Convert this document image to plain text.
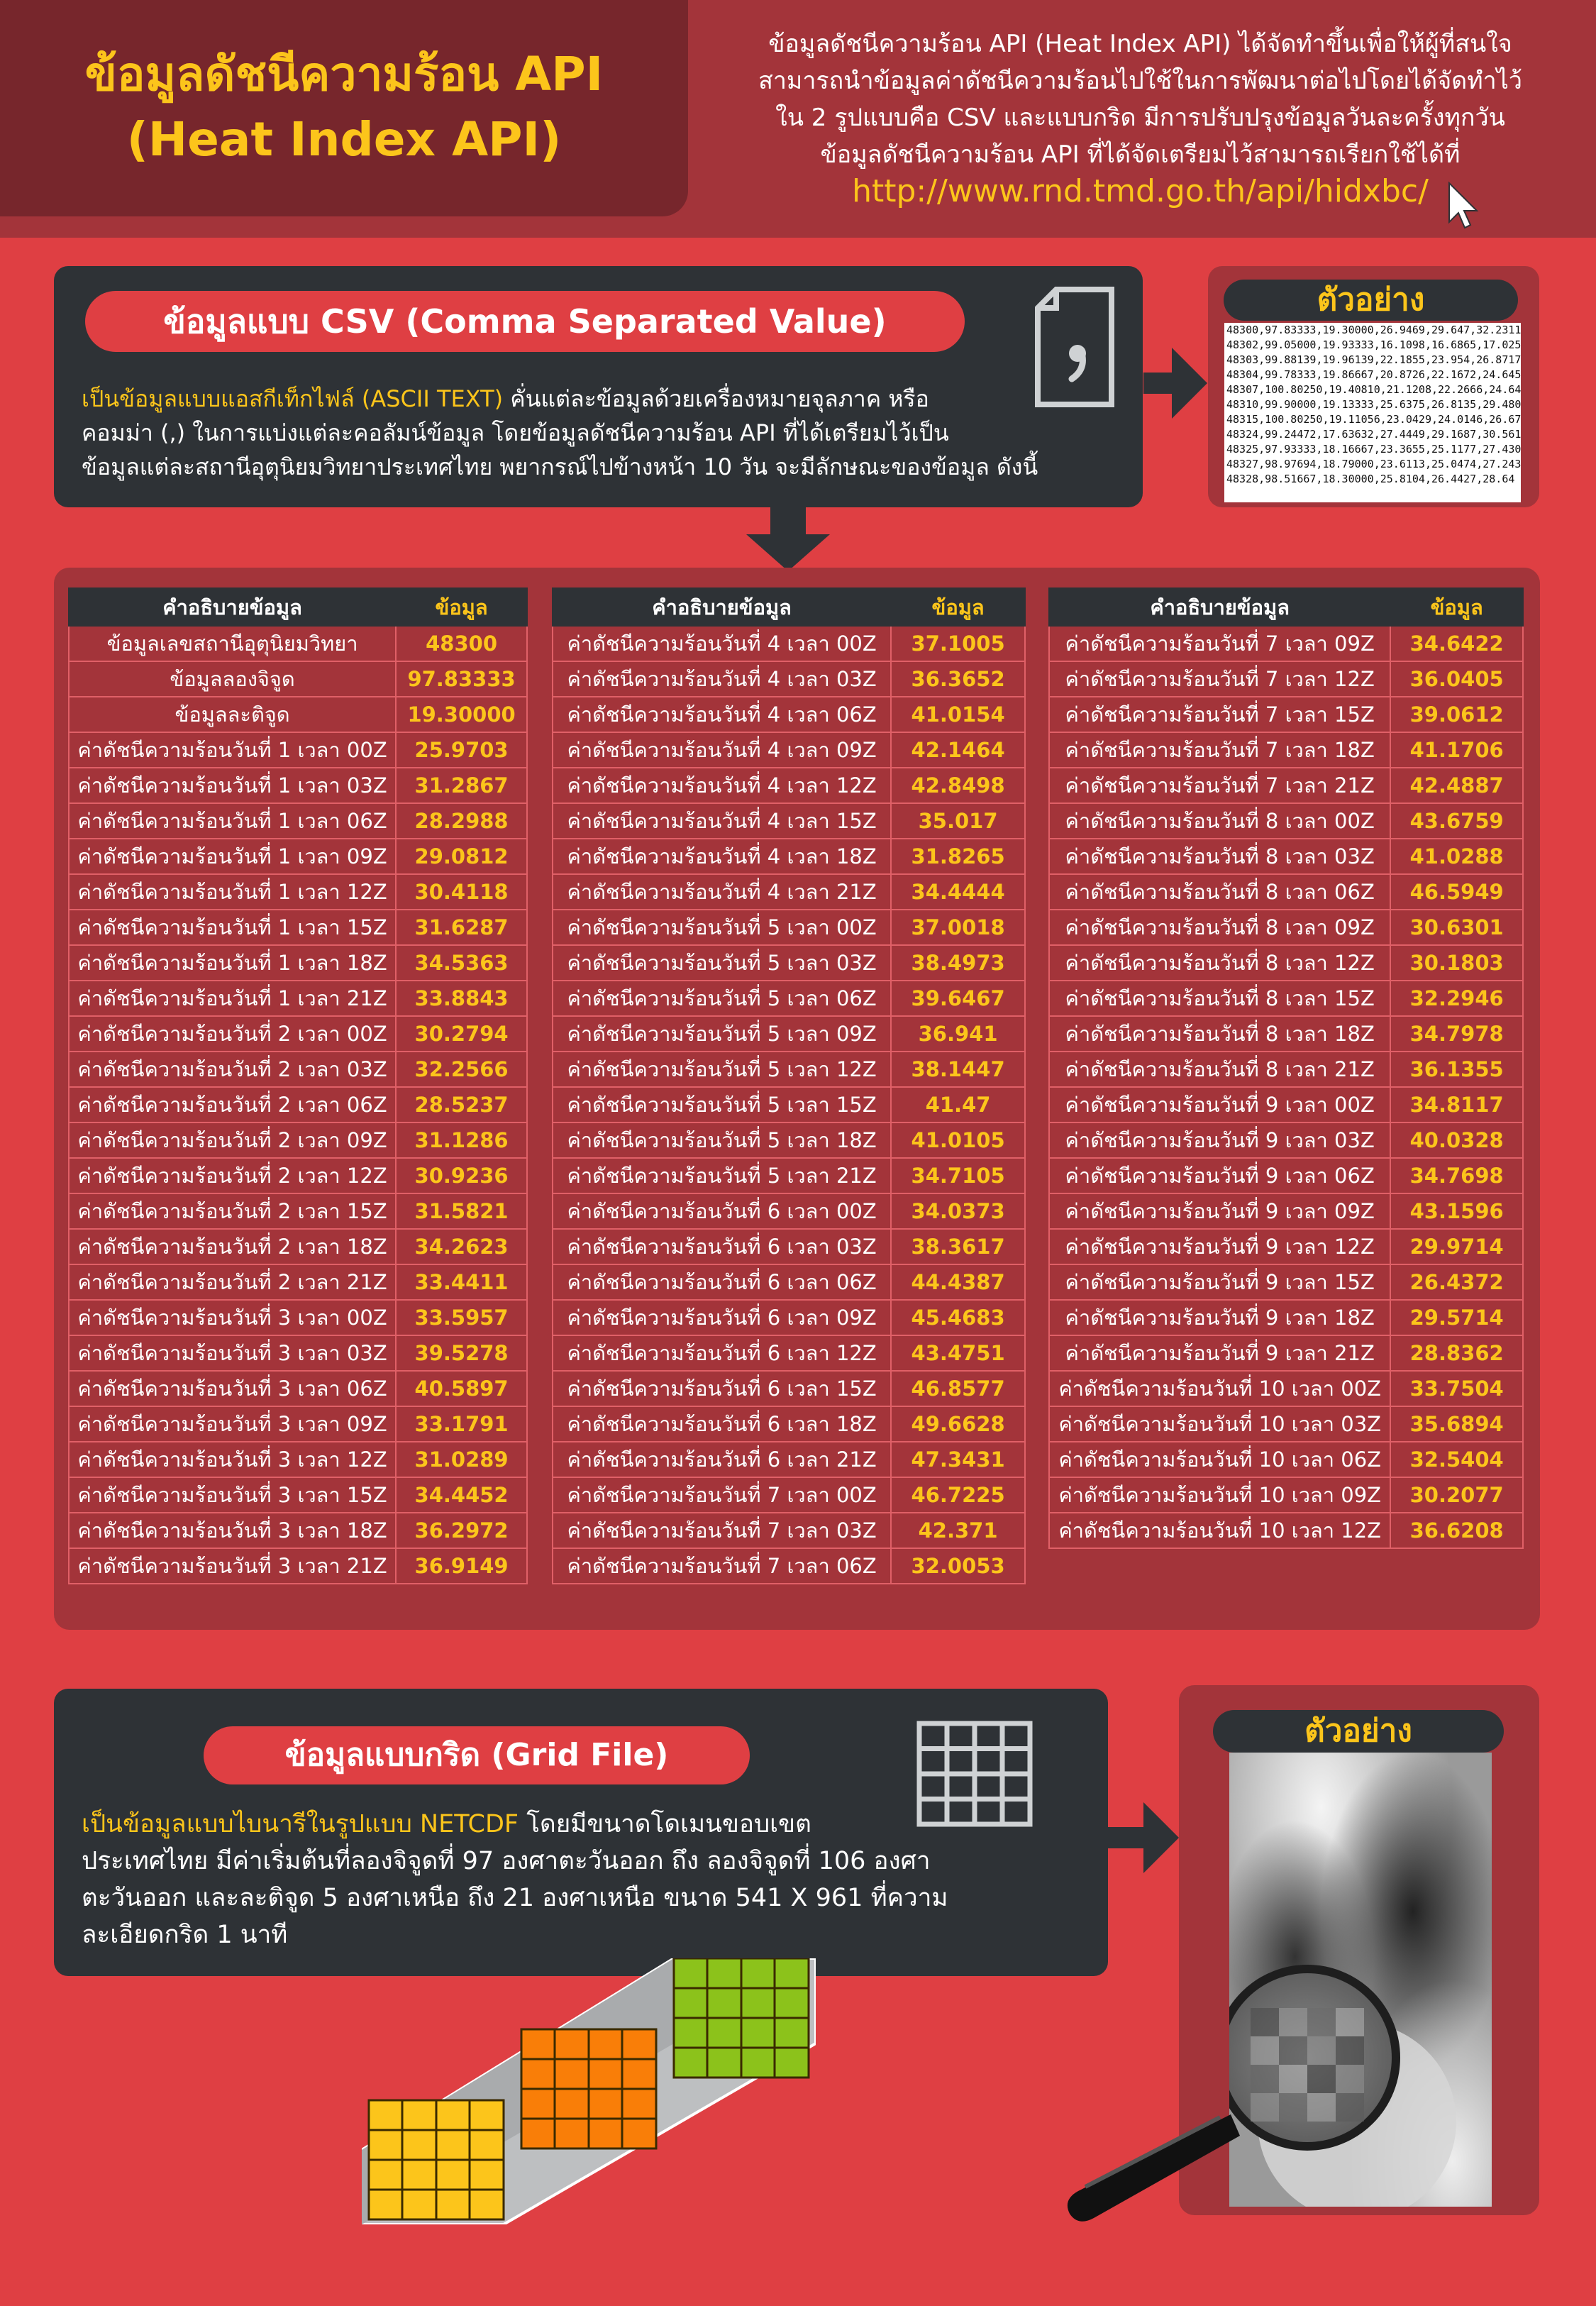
ข้อมูลดัชนีความร้อน API
(Heat Index API)
ข้อมูลดัชนีความร้อน API (Heat Index API) ได้จัดทำขึ้นเพื่อให้ผู้ที่สนใจ
สามารถนำข้อมูลค่าดัชนีความร้อนไปใช้ในการพัฒนาต่อไปโดยได้จัดทำไว้
ใน 2 รูปแบบคือ CSV และแบบกริด มีการปรับปรุงข้อมูลวันละครั้งทุกวัน
ข้อมูลดัชนีความร้อน API ที่ได้จัดเตรียมไว้สามารถเรียกใช้ได้ที่
http://www.rnd.tmd.go.th/api/hidxbc/
ข้อมูลแบบ CSV (Comma Separated Value)
เป็นข้อมูลแบบแอสกีเท็กไฟล์ (ASCII TEXT) คั่นแต่ละข้อมูลด้วยเครื่องหมายจุลภาค หรือ
คอมม่า (,) ในการแบ่งแต่ละคอลัมน์ข้อมูล โดยข้อมูลดัชนีความร้อน API ที่ได้เตรียมไว้เป็น
ข้อมูลแต่ละสถานีอุตุนิยมวิทยาประเทศไทย พยากรณ์ไปข้างหน้า 10 วัน จะมีลักษณะของข้อมูล ดังนี้
ตัวอย่าง
48300,97.83333,19.30000,26.9469,29.647,32.2311
48302,99.05000,19.93333,16.1098,16.6865,17.025
48303,99.88139,19.96139,22.1855,23.954,26.8717
48304,99.78333,19.86667,20.8726,22.1672,24.645
48307,100.80250,19.40810,21.1208,22.2666,24.64
48310,99.90000,19.13333,25.6375,26.8135,29.480
48315,100.80250,19.11056,23.0429,24.0146,26.67
48324,99.24472,17.63632,27.4449,29.1687,30.561
48325,97.93333,18.16667,23.3655,25.1177,27.430
48327,98.97694,18.79000,23.6113,25.0474,27.243
48328,98.51667,18.30000,25.8104,26.4427,28.64
คำอธิบายข้อมูล	ข้อมูล
ข้อมูลเลขสถานีอุตุนิยมวิทยา	48300
ข้อมูลลองจิจูด	97.83333
ข้อมูลละติจูด	19.30000
ค่าดัชนีความร้อนวันที่ 1 เวลา 00Z	25.9703
ค่าดัชนีความร้อนวันที่ 1 เวลา 03Z	31.2867
ค่าดัชนีความร้อนวันที่ 1 เวลา 06Z	28.2988
ค่าดัชนีความร้อนวันที่ 1 เวลา 09Z	29.0812
ค่าดัชนีความร้อนวันที่ 1 เวลา 12Z	30.4118
ค่าดัชนีความร้อนวันที่ 1 เวลา 15Z	31.6287
ค่าดัชนีความร้อนวันที่ 1 เวลา 18Z	34.5363
ค่าดัชนีความร้อนวันที่ 1 เวลา 21Z	33.8843
ค่าดัชนีความร้อนวันที่ 2 เวลา 00Z	30.2794
ค่าดัชนีความร้อนวันที่ 2 เวลา 03Z	32.2566
ค่าดัชนีความร้อนวันที่ 2 เวลา 06Z	28.5237
ค่าดัชนีความร้อนวันที่ 2 เวลา 09Z	31.1286
ค่าดัชนีความร้อนวันที่ 2 เวลา 12Z	30.9236
ค่าดัชนีความร้อนวันที่ 2 เวลา 15Z	31.5821
ค่าดัชนีความร้อนวันที่ 2 เวลา 18Z	34.2623
ค่าดัชนีความร้อนวันที่ 2 เวลา 21Z	33.4411
ค่าดัชนีความร้อนวันที่ 3 เวลา 00Z	33.5957
ค่าดัชนีความร้อนวันที่ 3 เวลา 03Z	39.5278
ค่าดัชนีความร้อนวันที่ 3 เวลา 06Z	40.5897
ค่าดัชนีความร้อนวันที่ 3 เวลา 09Z	33.1791
ค่าดัชนีความร้อนวันที่ 3 เวลา 12Z	31.0289
ค่าดัชนีความร้อนวันที่ 3 เวลา 15Z	34.4452
ค่าดัชนีความร้อนวันที่ 3 เวลา 18Z	36.2972
ค่าดัชนีความร้อนวันที่ 3 เวลา 21Z	36.9149
คำอธิบายข้อมูล	ข้อมูล
ค่าดัชนีความร้อนวันที่ 4 เวลา 00Z	37.1005
ค่าดัชนีความร้อนวันที่ 4 เวลา 03Z	36.3652
ค่าดัชนีความร้อนวันที่ 4 เวลา 06Z	41.0154
ค่าดัชนีความร้อนวันที่ 4 เวลา 09Z	42.1464
ค่าดัชนีความร้อนวันที่ 4 เวลา 12Z	42.8498
ค่าดัชนีความร้อนวันที่ 4 เวลา 15Z	35.017
ค่าดัชนีความร้อนวันที่ 4 เวลา 18Z	31.8265
ค่าดัชนีความร้อนวันที่ 4 เวลา 21Z	34.4444
ค่าดัชนีความร้อนวันที่ 5 เวลา 00Z	37.0018
ค่าดัชนีความร้อนวันที่ 5 เวลา 03Z	38.4973
ค่าดัชนีความร้อนวันที่ 5 เวลา 06Z	39.6467
ค่าดัชนีความร้อนวันที่ 5 เวลา 09Z	36.941
ค่าดัชนีความร้อนวันที่ 5 เวลา 12Z	38.1447
ค่าดัชนีความร้อนวันที่ 5 เวลา 15Z	41.47
ค่าดัชนีความร้อนวันที่ 5 เวลา 18Z	41.0105
ค่าดัชนีความร้อนวันที่ 5 เวลา 21Z	34.7105
ค่าดัชนีความร้อนวันที่ 6 เวลา 00Z	34.0373
ค่าดัชนีความร้อนวันที่ 6 เวลา 03Z	38.3617
ค่าดัชนีความร้อนวันที่ 6 เวลา 06Z	44.4387
ค่าดัชนีความร้อนวันที่ 6 เวลา 09Z	45.4683
ค่าดัชนีความร้อนวันที่ 6 เวลา 12Z	43.4751
ค่าดัชนีความร้อนวันที่ 6 เวลา 15Z	46.8577
ค่าดัชนีความร้อนวันที่ 6 เวลา 18Z	49.6628
ค่าดัชนีความร้อนวันที่ 6 เวลา 21Z	47.3431
ค่าดัชนีความร้อนวันที่ 7 เวลา 00Z	46.7225
ค่าดัชนีความร้อนวันที่ 7 เวลา 03Z	42.371
ค่าดัชนีความร้อนวันที่ 7 เวลา 06Z	32.0053
คำอธิบายข้อมูล	ข้อมูล
ค่าดัชนีความร้อนวันที่ 7 เวลา 09Z	34.6422
ค่าดัชนีความร้อนวันที่ 7 เวลา 12Z	36.0405
ค่าดัชนีความร้อนวันที่ 7 เวลา 15Z	39.0612
ค่าดัชนีความร้อนวันที่ 7 เวลา 18Z	41.1706
ค่าดัชนีความร้อนวันที่ 7 เวลา 21Z	42.4887
ค่าดัชนีความร้อนวันที่ 8 เวลา 00Z	43.6759
ค่าดัชนีความร้อนวันที่ 8 เวลา 03Z	41.0288
ค่าดัชนีความร้อนวันที่ 8 เวลา 06Z	46.5949
ค่าดัชนีความร้อนวันที่ 8 เวลา 09Z	30.6301
ค่าดัชนีความร้อนวันที่ 8 เวลา 12Z	30.1803
ค่าดัชนีความร้อนวันที่ 8 เวลา 15Z	32.2946
ค่าดัชนีความร้อนวันที่ 8 เวลา 18Z	34.7978
ค่าดัชนีความร้อนวันที่ 8 เวลา 21Z	36.1355
ค่าดัชนีความร้อนวันที่ 9 เวลา 00Z	34.8117
ค่าดัชนีความร้อนวันที่ 9 เวลา 03Z	40.0328
ค่าดัชนีความร้อนวันที่ 9 เวลา 06Z	34.7698
ค่าดัชนีความร้อนวันที่ 9 เวลา 09Z	43.1596
ค่าดัชนีความร้อนวันที่ 9 เวลา 12Z	29.9714
ค่าดัชนีความร้อนวันที่ 9 เวลา 15Z	26.4372
ค่าดัชนีความร้อนวันที่ 9 เวลา 18Z	29.5714
ค่าดัชนีความร้อนวันที่ 9 เวลา 21Z	28.8362
ค่าดัชนีความร้อนวันที่ 10 เวลา 00Z	33.7504
ค่าดัชนีความร้อนวันที่ 10 เวลา 03Z	35.6894
ค่าดัชนีความร้อนวันที่ 10 เวลา 06Z	32.5404
ค่าดัชนีความร้อนวันที่ 10 เวลา 09Z	30.2077
ค่าดัชนีความร้อนวันที่ 10 เวลา 12Z	36.6208
ข้อมูลแบบกริด (Grid File)
เป็นข้อมูลแบบไบนารีในรูปแบบ NETCDF โดยมีขนาดโดเมนขอบเขต
ประเทศไทย มีค่าเริ่มต้นที่ลองจิจูดที่ 97 องศาตะวันออก ถึง ลองจิจูดที่ 106 องศา
ตะวันออก และละติจูด 5 องศาเหนือ ถึง 21 องศาเหนือ ขนาด 541 X 961 ที่ความ
ละเอียดกริด 1 นาที
ตัวอย่าง
